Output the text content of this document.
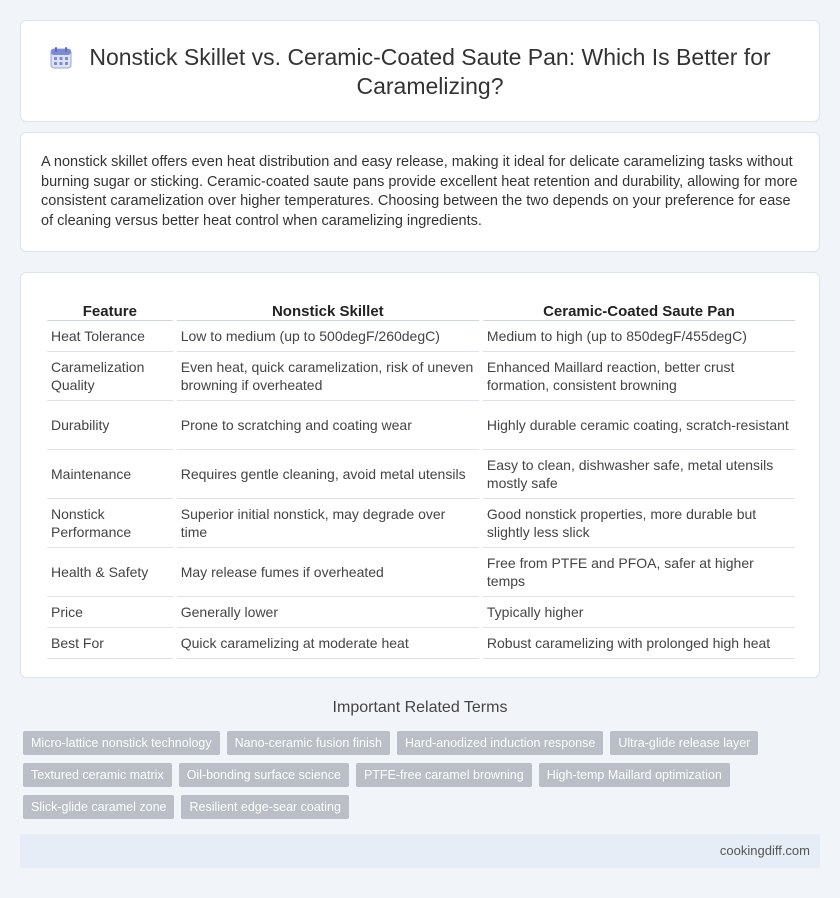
Nonstick Skillet vs. Ceramic-Coated Saute Pan: Which Is Better for Caramelizing?

A nonstick skillet offers even heat distribution and easy release, making it ideal for delicate caramelizing tasks without burning sugar or sticking. Ceramic-coated saute pans provide excellent heat retention and durability, allowing for more consistent caramelization over higher temperatures. Choosing between the two depends on your preference for ease of cleaning versus better heat control when caramelizing ingredients.

Feature	Nonstick Skillet	Ceramic-Coated Saute Pan
Heat Tolerance	Low to medium (up to 500degF/260degC)	Medium to high (up to 850degF/455degC)
Caramelization Quality	Even heat, quick caramelization, risk of uneven browning if overheated	Enhanced Maillard reaction, better crust formation, consistent browning
Durability	Prone to scratching and coating wear	Highly durable ceramic coating, scratch-resistant
Maintenance	Requires gentle cleaning, avoid metal utensils	Easy to clean, dishwasher safe, metal utensils mostly safe
Nonstick Performance	Superior initial nonstick, may degrade over time	Good nonstick properties, more durable but slightly less slick
Health & Safety	May release fumes if overheated	Free from PTFE and PFOA, safer at higher temps
Price	Generally lower	Typically higher
Best For	Quick caramelizing at moderate heat	Robust caramelizing with prolonged high heat
Important Related Terms
Micro-lattice nonstick technology	Nano-ceramic fusion finish	Hard-anodized induction response	Ultra-glide release layer
Textured ceramic matrix	Oil-bonding surface science	PTFE-free caramel browning	High-temp Maillard optimization
Slick-glide caramel zone	Resilient edge-sear coating
cookingdiff.com
